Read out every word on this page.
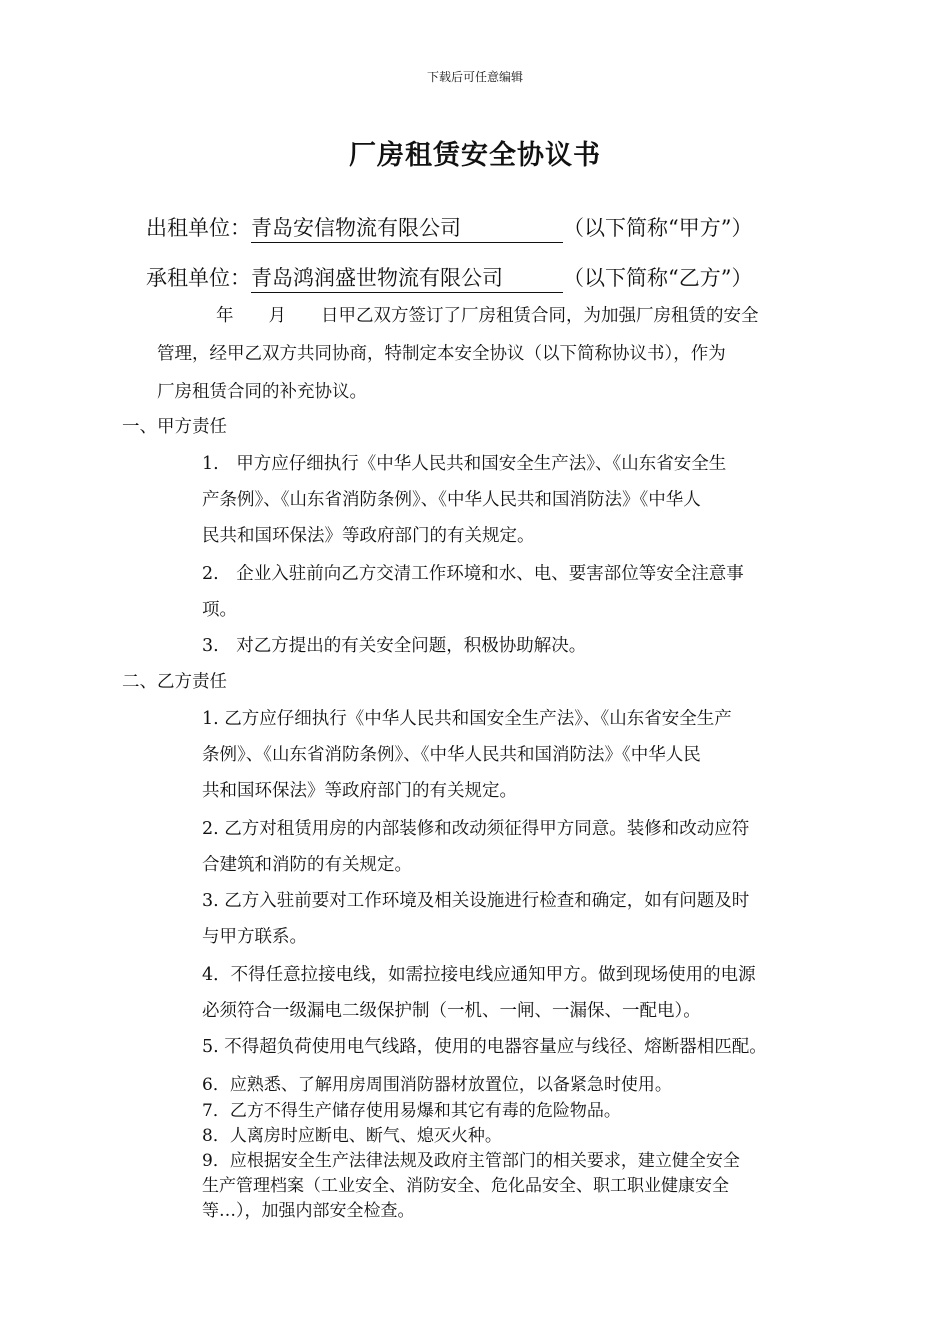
下载后可任意编辑
厂房租赁安全协议书
出租单位：青岛安信物流有限公司	（以下简称“甲方”）
承租单位：青岛鸿润盛世物流有限公司	（以下简称“乙方”）
年　　月　　日甲乙双方签订了厂房租赁合同，为加强厂房租赁的安全
管理，经甲乙双方共同协商，特制定本安全协议（以下简称协议书），作为
厂房租赁合同的补充协议。
一、甲方责任
1.　甲方应仔细执行《中华人民共和国安全生产法》、《山东省安全生
产条例》、《山东省消防条例》、《中华人民共和国消防法》《中华人
民共和国环保法》等政府部门的有关规定。
2.　企业入驻前向乙方交清工作环境和水、电、要害部位等安全注意事
项。
3.　对乙方提出的有关安全问题，积极协助解决。
二、乙方责任
1. 乙方应仔细执行《中华人民共和国安全生产法》、《山东省安全生产
条例》、《山东省消防条例》、《中华人民共和国消防法》《中华人民
共和国环保法》等政府部门的有关规定。
2. 乙方对租赁用房的内部装修和改动须征得甲方同意。装修和改动应符
合建筑和消防的有关规定。
3. 乙方入驻前要对工作环境及相关设施进行检查和确定，如有问题及时
与甲方联系。
4．不得任意拉接电线，如需拉接电线应通知甲方。做到现场使用的电源
必须符合一级漏电二级保护制（一机、一闸、一漏保、一配电）。
5. 不得超负荷使用电气线路，使用的电器容量应与线径、熔断器相匹配。
6．应熟悉、了解用房周围消防器材放置位，以备紧急时使用。
7．乙方不得生产储存使用易爆和其它有毒的危险物品。
8．人离房时应断电、断气、熄灭火种。
9．应根据安全生产法律法规及政府主管部门的相关要求，建立健全安全
生产管理档案（工业安全、消防安全、危化品安全、职工职业健康安全
等…），加强内部安全检查。
